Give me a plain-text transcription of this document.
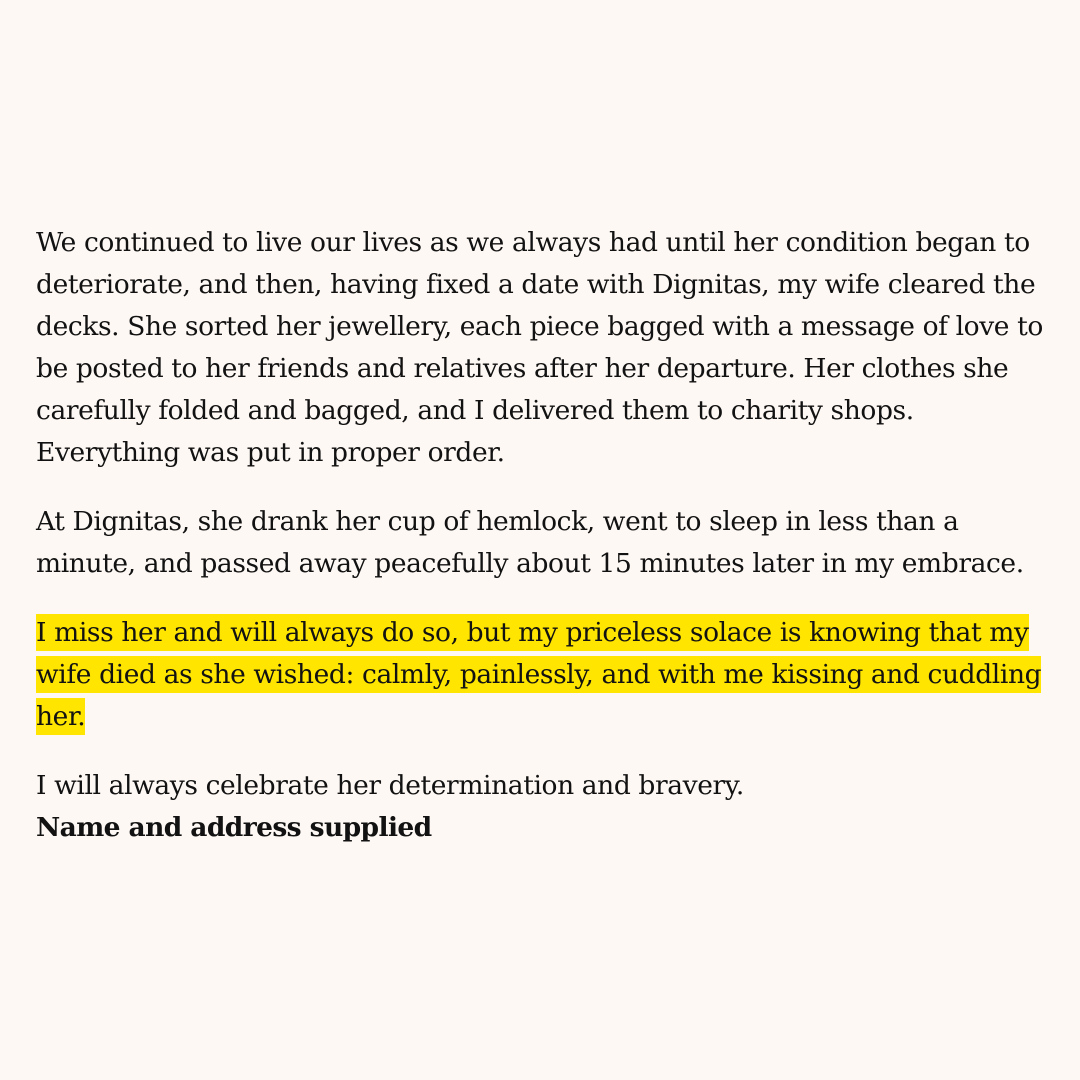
We continued to live our lives as we always had until her condition began to deteriorate, and then, having fixed a date with Dignitas, my wife cleared the decks. She sorted her jewellery, each piece bagged with a message of love to be posted to her friends and relatives after her departure. Her clothes she carefully folded and bagged, and I delivered them to charity shops. Everything was put in proper order.

At Dignitas, she drank her cup of hemlock, went to sleep in less than a minute, and passed away peacefully about 15 minutes later in my embrace.

I miss her and will always do so, but my priceless solace is knowing that my wife died as she wished: calmly, painlessly, and with me kissing and cuddling her.

I will always celebrate her determination and bravery.

Name and address supplied
